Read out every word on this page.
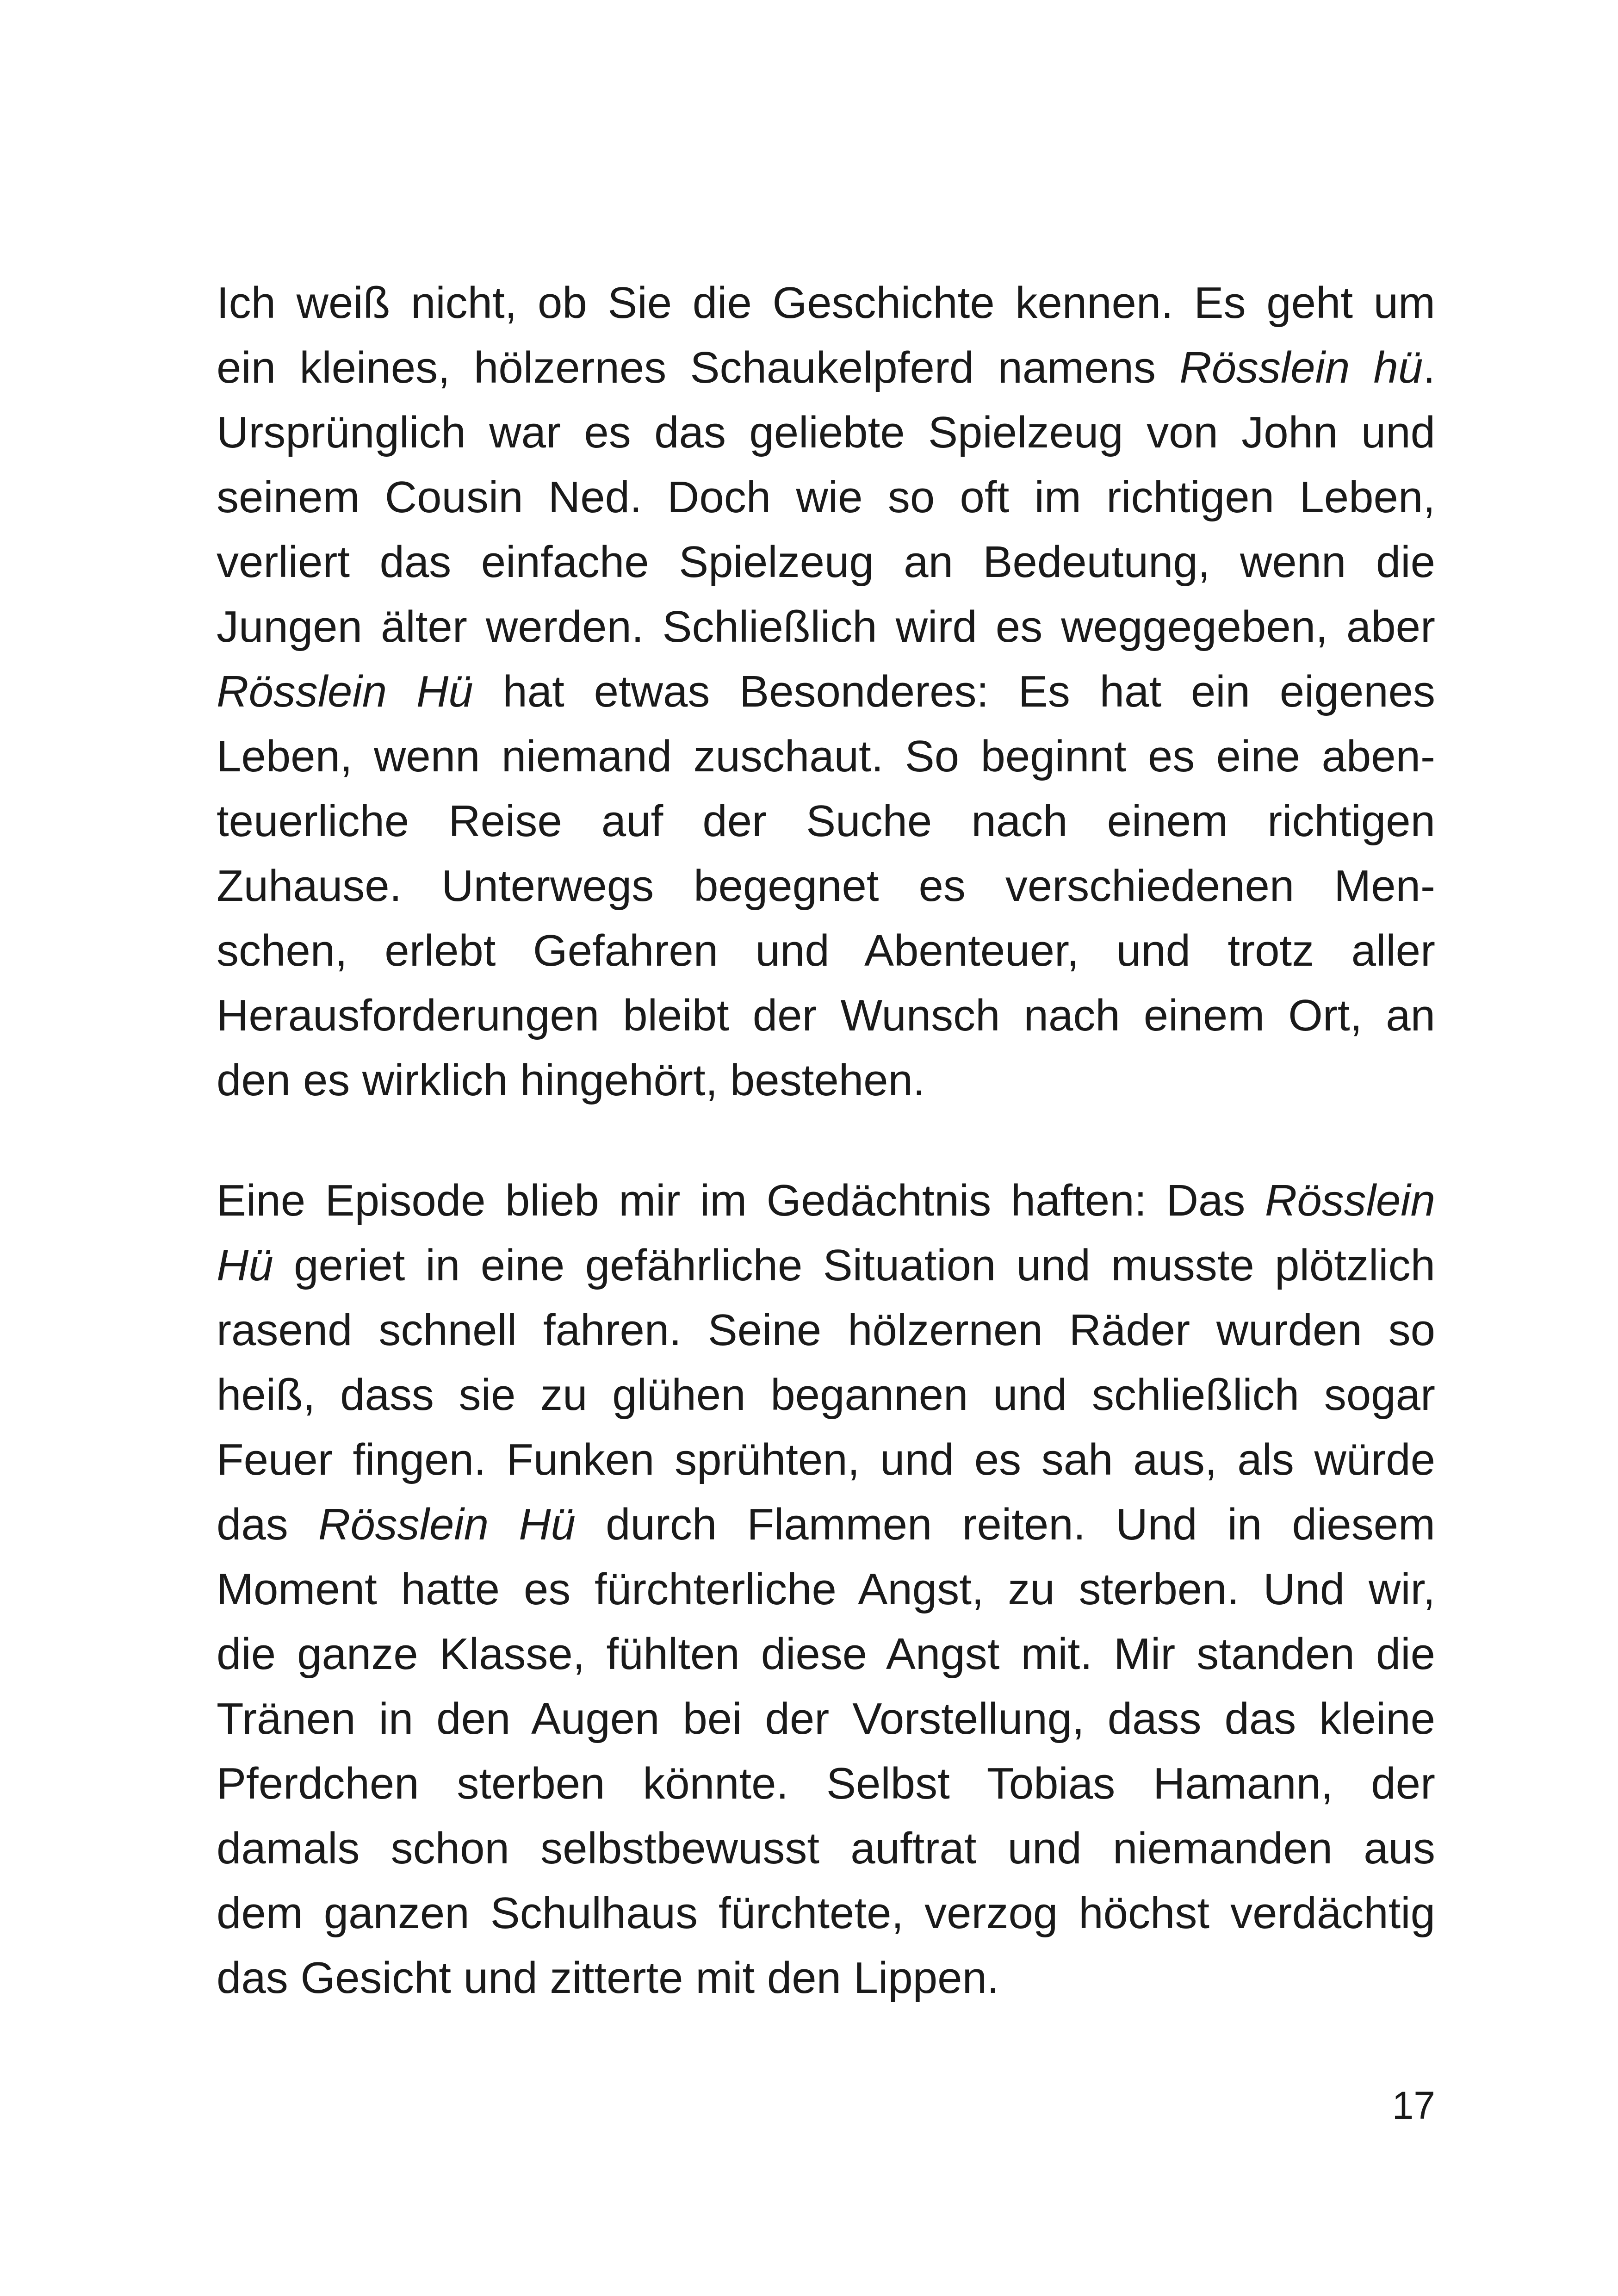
Ich weiß nicht, ob Sie die Geschichte kennen. Es geht um
ein kleines, hölzernes Schaukelpferd namens Rösslein hü.
Ursprünglich war es das geliebte Spielzeug von John und
seinem Cousin Ned. Doch wie so oft im richtigen Leben,
verliert das einfache Spielzeug an Bedeutung, wenn die
Jungen älter werden. Schließlich wird es weggegeben, aber
Rösslein Hü hat etwas Besonderes: Es hat ein eigenes
Leben, wenn niemand zuschaut. So beginnt es eine aben-
teuerliche Reise auf der Suche nach einem richtigen
Zuhause. Unterwegs begegnet es verschiedenen Men-
schen, erlebt Gefahren und Abenteuer, und trotz aller
Herausforderungen bleibt der Wunsch nach einem Ort, an
den es wirklich hingehört, bestehen.
Eine Episode blieb mir im Gedächtnis haften: Das Rösslein
Hü geriet in eine gefährliche Situation und musste plötzlich
rasend schnell fahren. Seine hölzernen Räder wurden so
heiß, dass sie zu glühen begannen und schließlich sogar
Feuer fingen. Funken sprühten, und es sah aus, als würde
das Rösslein Hü durch Flammen reiten. Und in diesem
Moment hatte es fürchterliche Angst, zu sterben. Und wir,
die ganze Klasse, fühlten diese Angst mit. Mir standen die
Tränen in den Augen bei der Vorstellung, dass das kleine
Pferdchen sterben könnte. Selbst Tobias Hamann, der
damals schon selbstbewusst auftrat und niemanden aus
dem ganzen Schulhaus fürchtete, verzog höchst verdächtig
das Gesicht und zitterte mit den Lippen.
17
